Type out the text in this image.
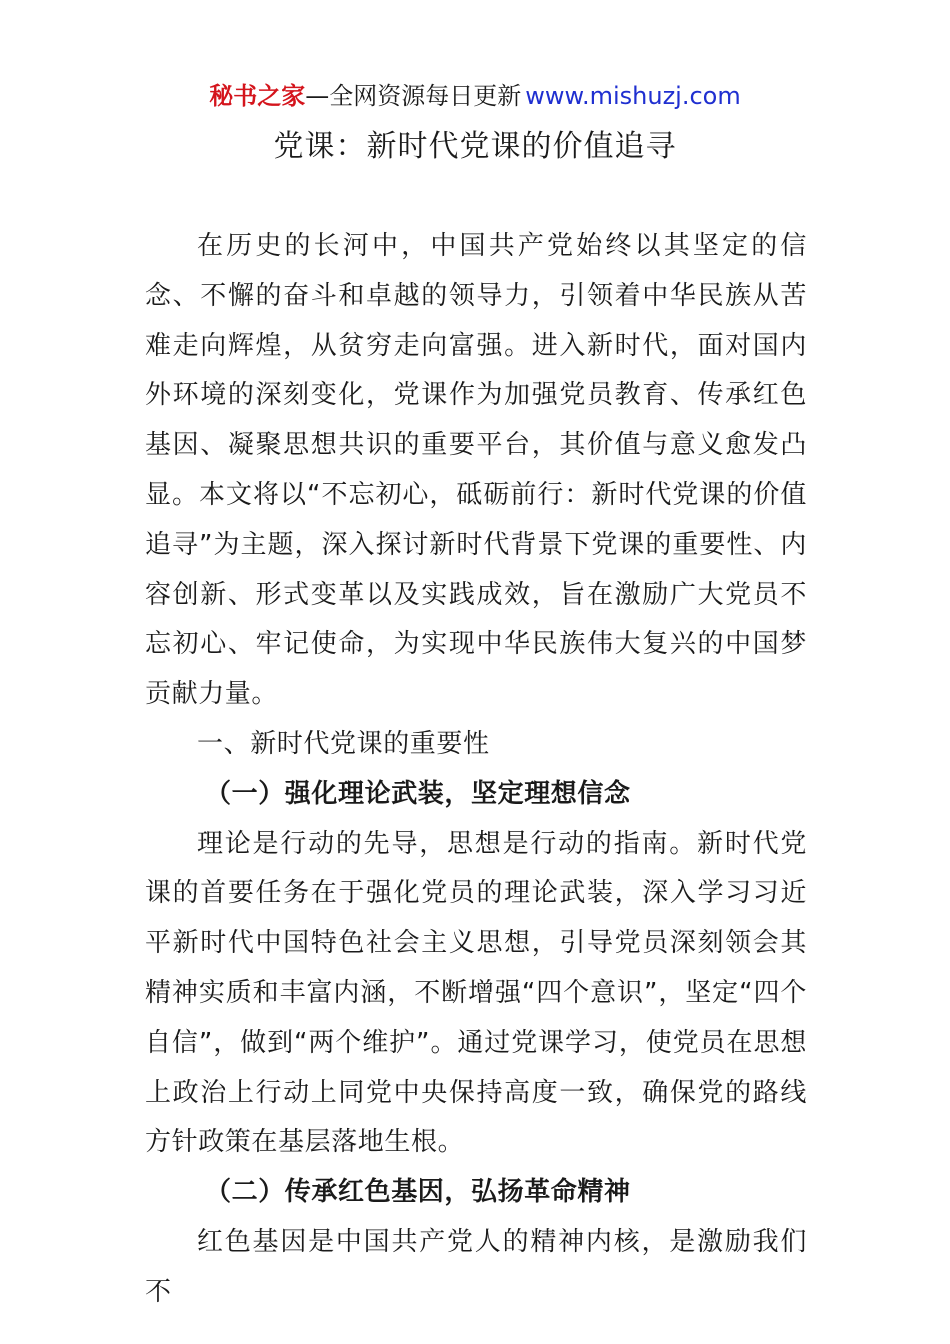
秘书之家—全网资源每日更新 www.mishuzj.com
党课：新时代党课的价值追寻

在历史的长河中，中国共产党始终以其坚定的信念、不懈的奋斗和卓越的领导力，引领着中华民族从苦难走向辉煌，从贫穷走向富强。进入新时代，面对国内外环境的深刻变化，党课作为加强党员教育、传承红色基因、凝聚思想共识的重要平台，其价值与意义愈发凸显。本文将以“不忘初心，砥砺前行：新时代党课的价值追寻”为主题，深入探讨新时代背景下党课的重要性、内容创新、形式变革以及实践成效，旨在激励广大党员不忘初心、牢记使命，为实现中华民族伟大复兴的中国梦贡献力量。

一、新时代党课的重要性
（一）强化理论武装，坚定理想信念

理论是行动的先导，思想是行动的指南。新时代党课的首要任务在于强化党员的理论武装，深入学习习近平新时代中国特色社会主义思想，引导党员深刻领会其精神实质和丰富内涵，不断增强“四个意识”，坚定“四个自信”，做到“两个维护”。通过党课学习，使党员在思想上政治上行动上同党中央保持高度一致，确保党的路线方针政策在基层落地生根。

（二）传承红色基因，弘扬革命精神

红色基因是中国共产党人的精神内核，是激励我们不
